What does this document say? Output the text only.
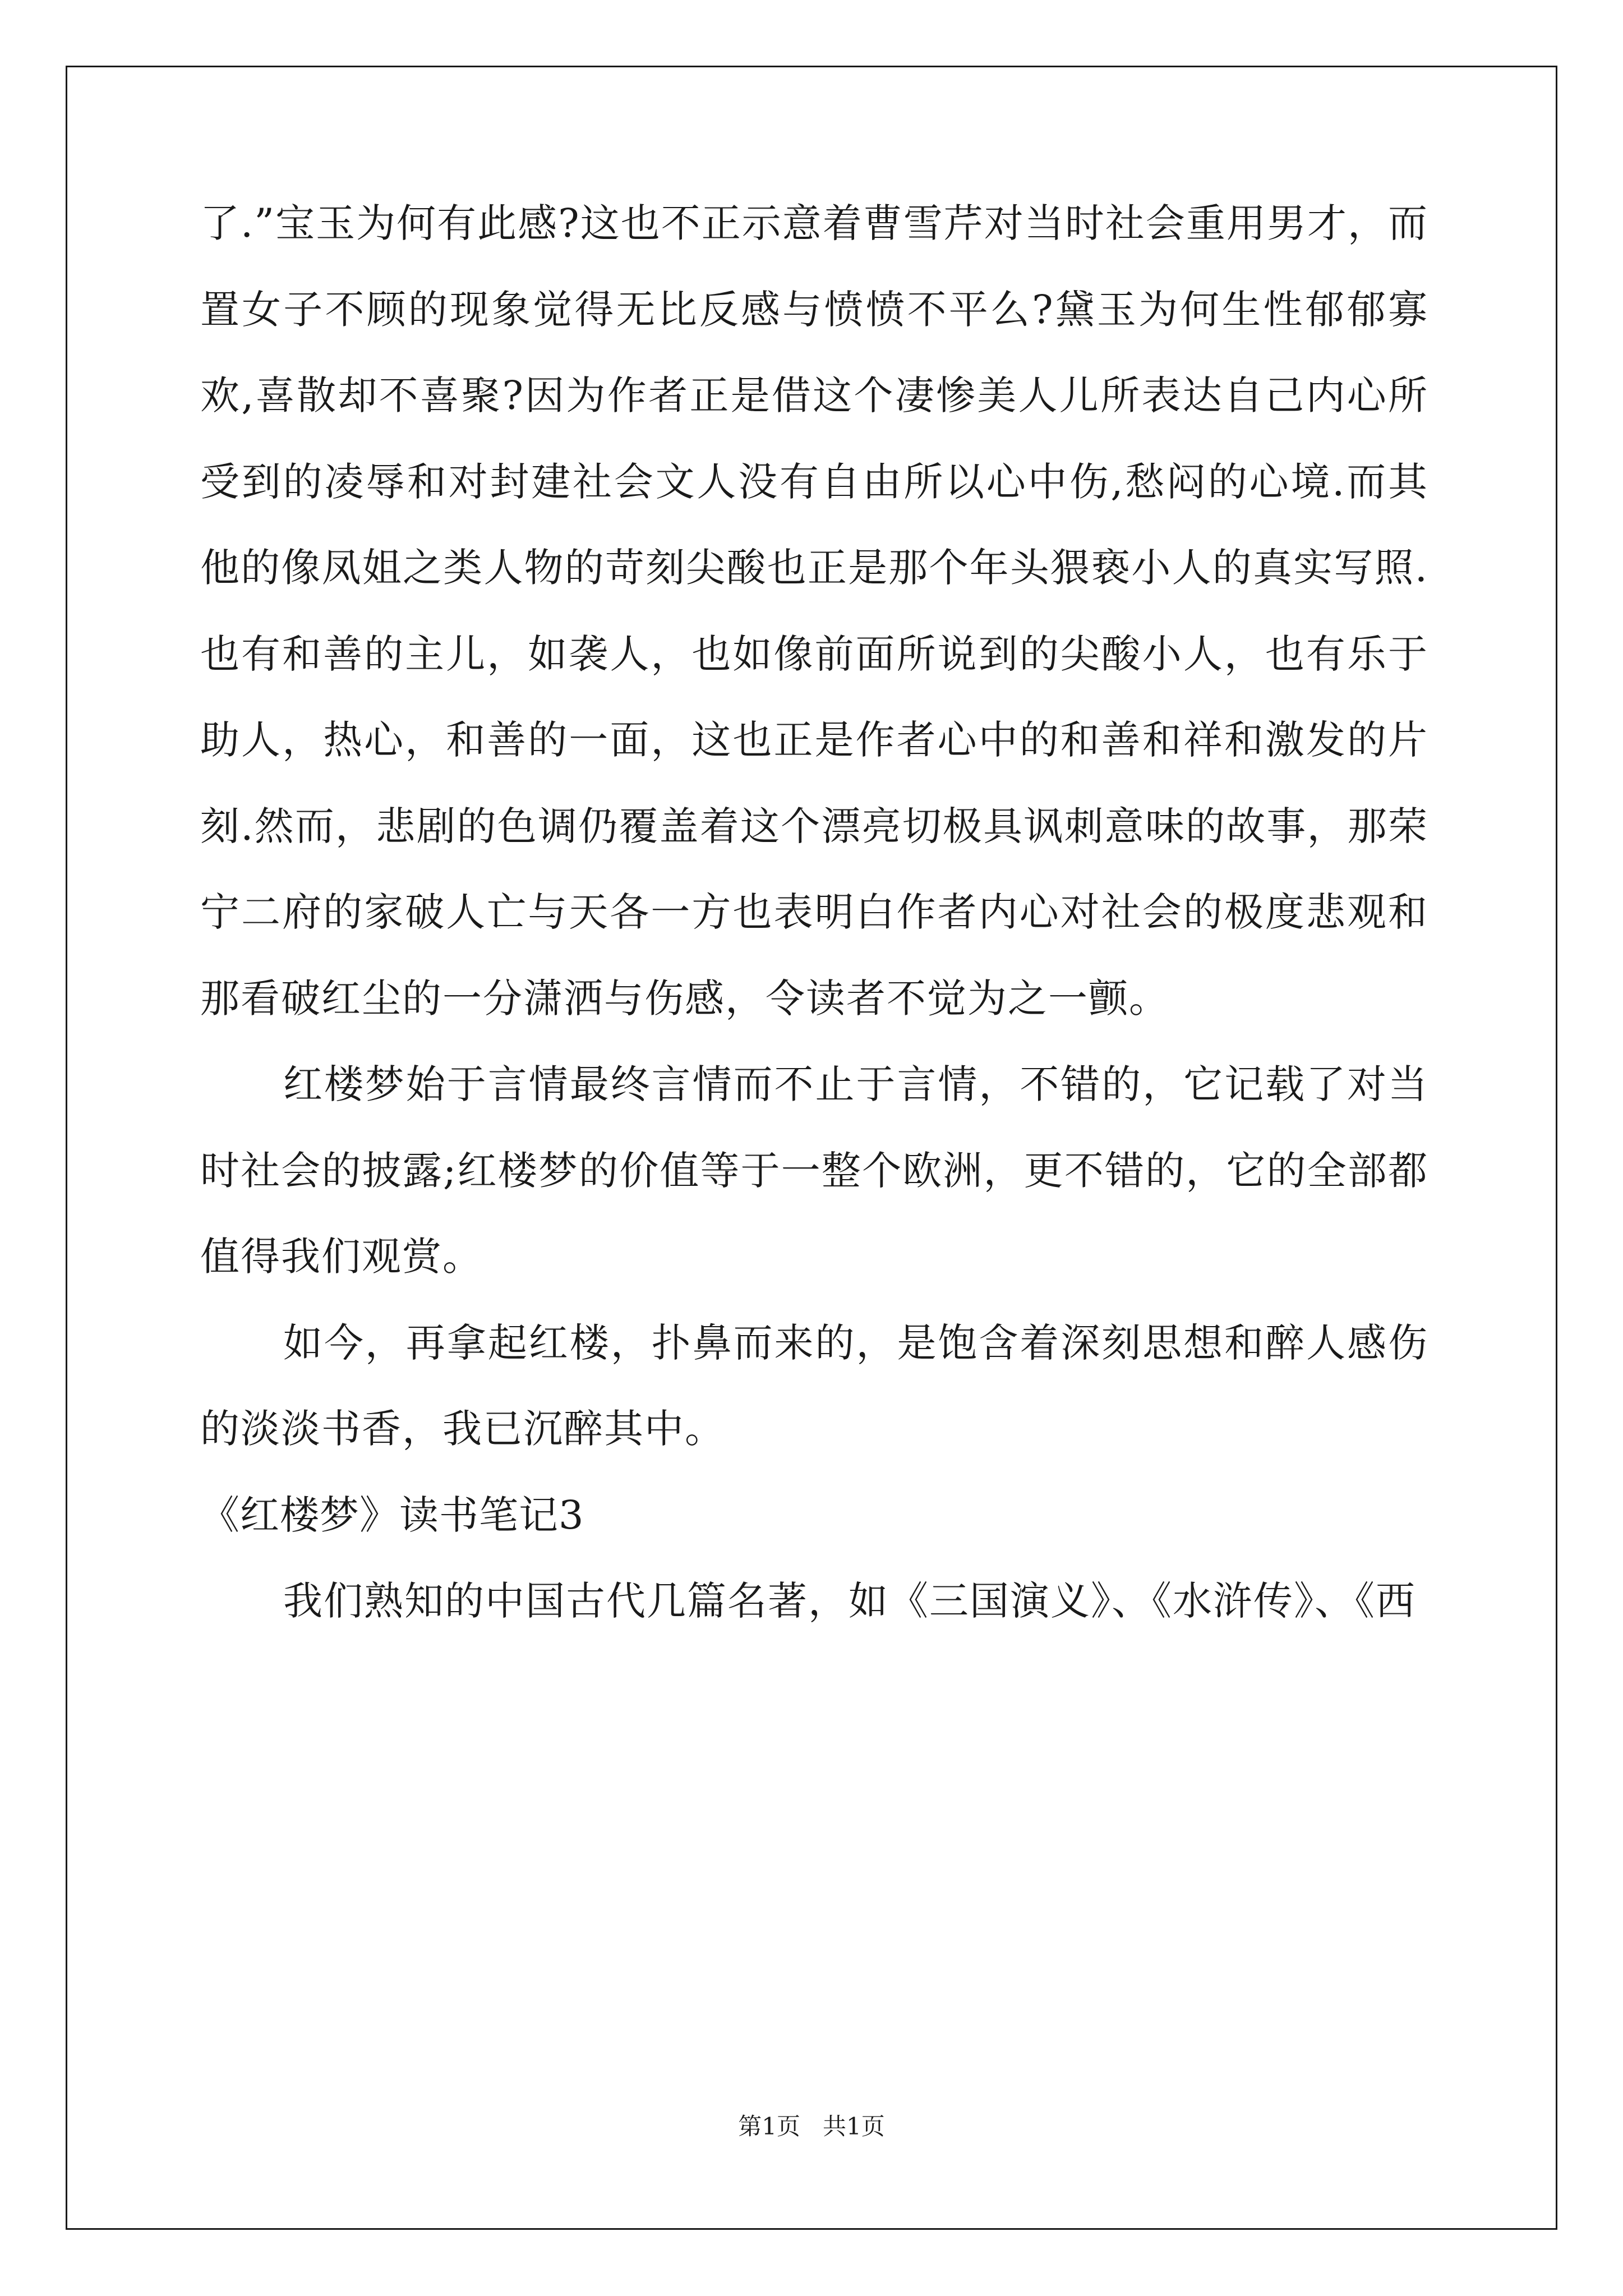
了.”宝玉为何有此感?这也不正示意着曹雪芹对当时社会重用男才，而置女子不顾的现象觉得无比反感与愤愤不平么?黛玉为何生性郁郁寡欢,喜散却不喜聚?因为作者正是借这个凄惨美人儿所表达自己内心所受到的凌辱和对封建社会文人没有自由所以心中伤,愁闷的心境.而其他的像凤姐之类人物的苛刻尖酸也正是那个年头猥亵小人的真实写照.也有和善的主儿，如袭人，也如像前面所说到的尖酸小人，也有乐于助人，热心，和善的一面，这也正是作者心中的和善和祥和激发的片刻.然而，悲剧的色调仍覆盖着这个漂亮切极具讽刺意味的故事，那荣宁二府的家破人亡与天各一方也表明白作者内心对社会的极度悲观和那看破红尘的一分潇洒与伤感，令读者不觉为之一颤。

红楼梦始于言情最终言情而不止于言情，不错的，它记载了对当时社会的披露;红楼梦的价值等于一整个欧洲，更不错的，它的全部都值得我们观赏。

如今，再拿起红楼，扑鼻而来的，是饱含着深刻思想和醉人感伤的淡淡书香，我已沉醉其中。

《红楼梦》读书笔记3

我们熟知的中国古代几篇名著，如《三国演义》、《水浒传》、《西

第1页 共1页
